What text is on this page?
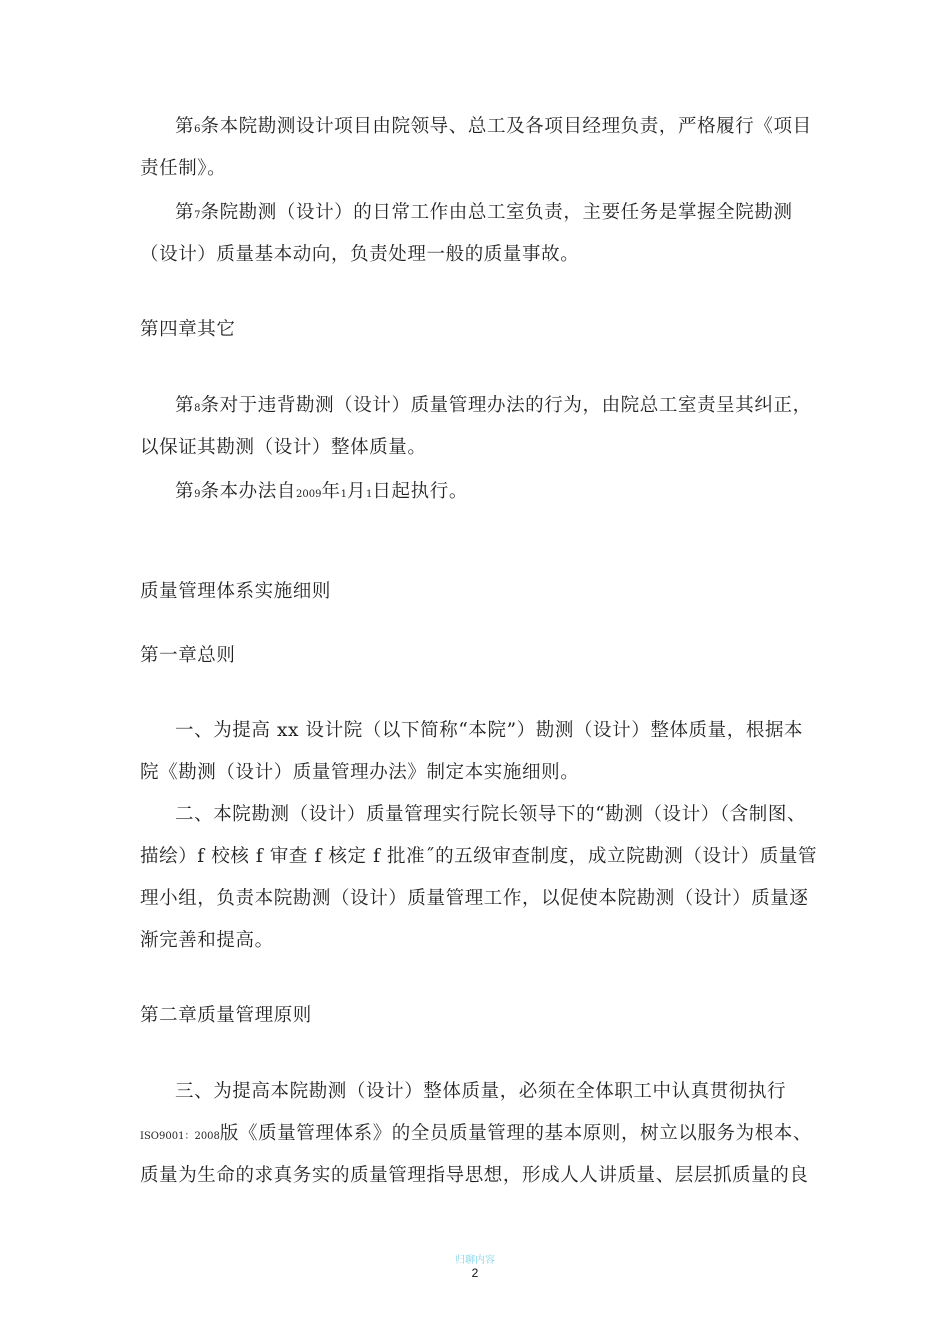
第6条本院勘测设计项目由院领导、总工及各项目经理负责，严格履行《项目
责任制》。
第7条院勘测（设计）的日常工作由总工室负责，主要任务是掌握全院勘测
（设计）质量基本动向，负责处理一般的质量事故。
第四章其它
第8条对于违背勘测（设计）质量管理办法的行为，由院总工室责呈其纠正，
以保证其勘测（设计）整体质量。
第9条本办法自2009年1月1日起执行。
质量管理体系实施细则
第一章总则
一、为提高 xx 设计院（以下简称“本院”）勘测（设计）整体质量，根据本
院《勘测（设计）质量管理办法》制定本实施细则。
二、本院勘测（设计）质量管理实行院长领导下的“勘测（设计）（含制图、
描绘）f 校核 f 审查 f 核定 f 批准˝的五级审查制度，成立院勘测（设计）质量管
理小组，负责本院勘测（设计）质量管理工作，以促使本院勘测（设计）质量逐
渐完善和提高。
第二章质量管理原则
三、为提高本院勘测（设计）整体质量，必须在全体职工中认真贯彻执行
ISO9001：2008版《质量管理体系》的全员质量管理的基本原则，树立以服务为根本、
质量为生命的求真务实的质量管理指导思想，形成人人讲质量、层层抓质量的良
归聊内容
2
